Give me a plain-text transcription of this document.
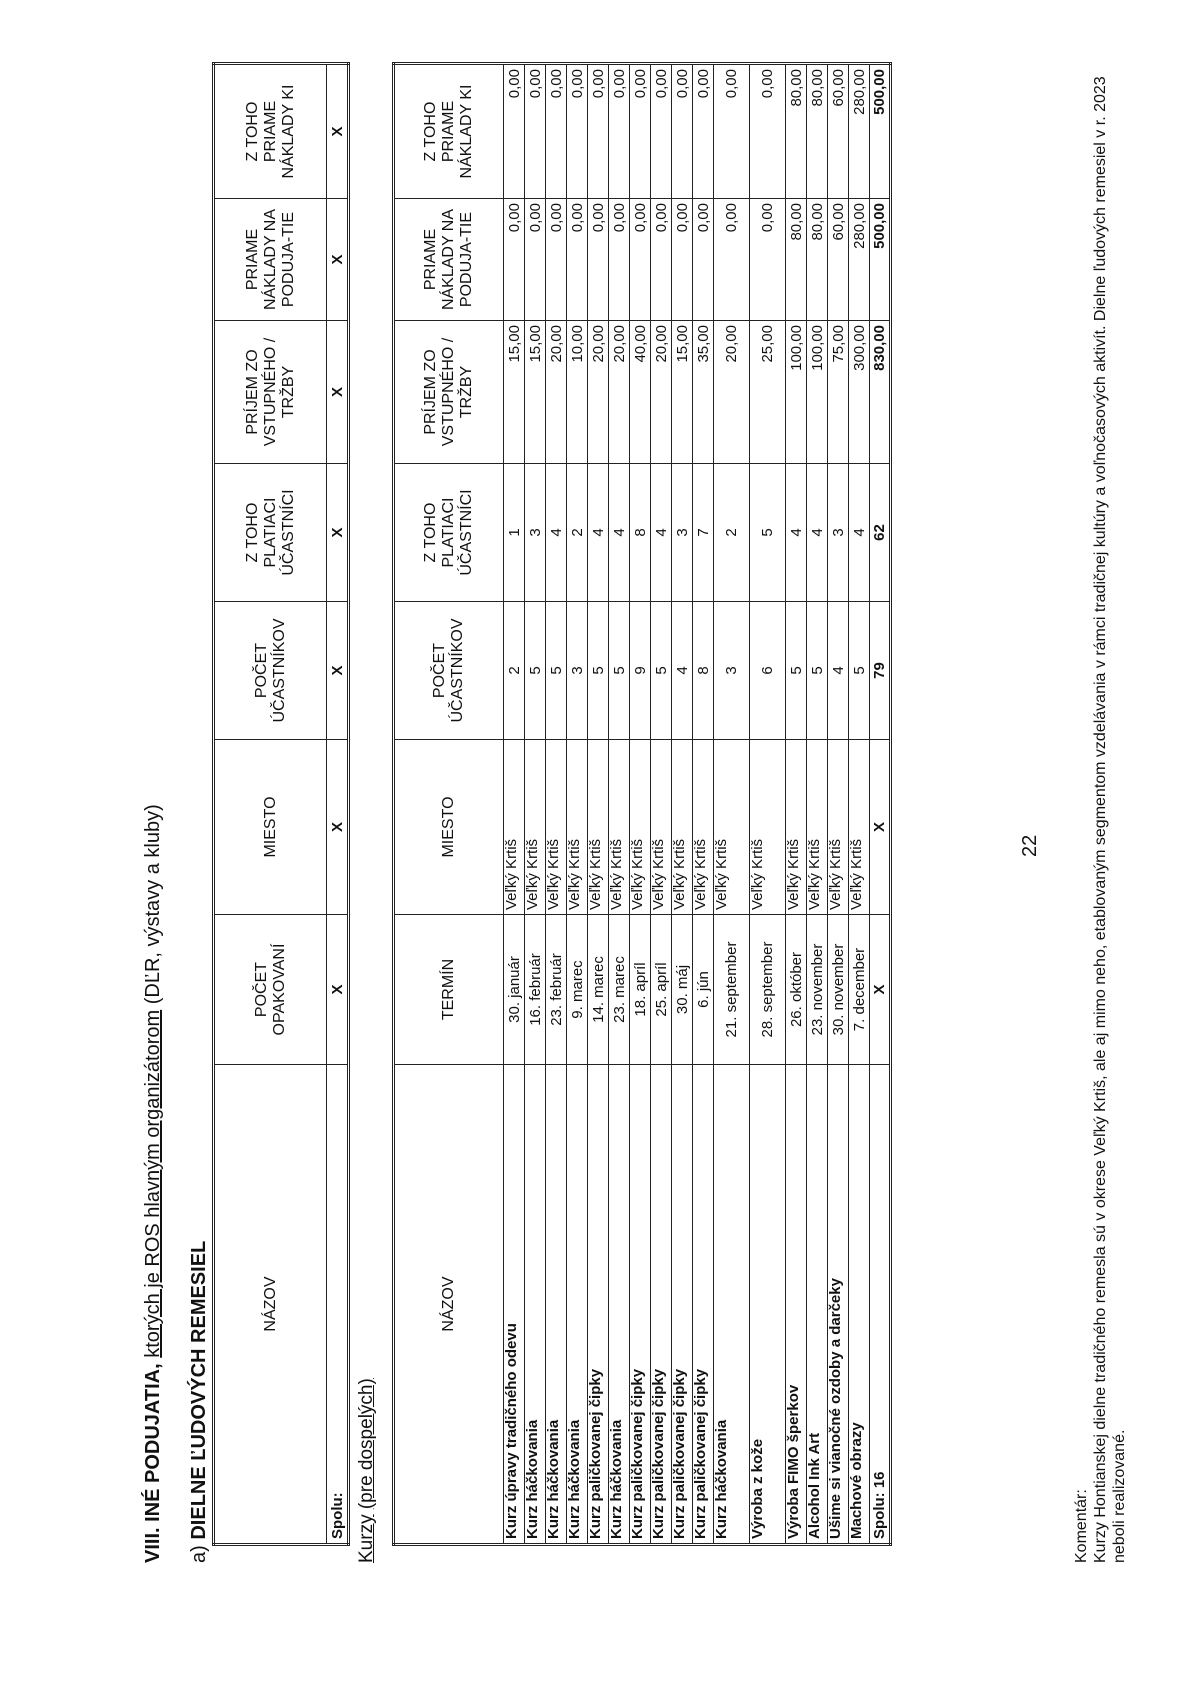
VIII. INÉ PODUJATIA, ktorých je ROS hlavným organizátorom (DĽR, výstavy a kluby)
a) DIELNE ĽUDOVÝCH REMESIEL	NÁZOV	POČET OPAKOVANÍ	MIESTO	POČET ÚČASTNÍKOV	Z TOHO PLATIACI ÚČASTNÍCI	PRÍJEM ZO VSTUPNÉHO / TRŽBY	PRIAME NÁKLADY NA PODUJA-TIE	Z TOHO PRIAME NÁKLADY KI
Spolu:	X	X	X	X	X	X	X
Kurzy (pre dospelých)
NÁZOV	TERMÍN	MIESTO	POČET ÚČASTNÍKOV	Z TOHO PLATIACI ÚČASTNÍCI	PRÍJEM ZO VSTUPNÉHO / TRŽBY	PRIAME NÁKLADY NA PODUJA-TIE	Z TOHO PRIAME NÁKLADY KI
Kurz úpravy tradičného odevu	30. január	Veľký Krtiš	2	1	15,00	0,00	0,00
Kurz háčkovania	16. február	Veľký Krtiš	5	3	15,00	0,00	0,00
Kurz háčkovania	23. február	Veľký Krtiš	5	4	20,00	0,00	0,00
Kurz háčkovania	9. marec	Veľký Krtiš	3	2	10,00	0,00	0,00
Kurz paličkovanej čipky	14. marec	Veľký Krtiš	5	4	20,00	0,00	0,00
Kurz háčkovania	23. marec	Veľký Krtiš	5	4	20,00	0,00	0,00
Kurz paličkovanej čipky	18. apríl	Veľký Krtiš	9	8	40,00	0,00	0,00
Kurz paličkovanej čipky	25. apríl	Veľký Krtiš	5	4	20,00	0,00	0,00
Kurz paličkovanej čipky	30. máj	Veľký Krtiš	4	3	15,00	0,00	0,00
Kurz paličkovanej čipky	6. jún	Veľký Krtiš	8	7	35,00	0,00	0,00
Kurz háčkovania	21. september	Veľký Krtiš	3	2	20,00	0,00	0,00
Výroba z kože	28. september	Veľký Krtiš	6	5	25,00	0,00	0,00
Výroba FIMO šperkov	26. október	Veľký Krtiš	5	4	100,00	80,00	80,00
Alcohol Ink Art	23. november	Veľký Krtiš	5	4	100,00	80,00	80,00
Ušime si vianočné ozdoby a darčeky	30. november	Veľký Krtiš	4	3	75,00	60,00	60,00
Machové obrazy	7. december	Veľký Krtiš	5	4	300,00	280,00	280,00
Spolu: 16	X	X	79	62	830,00	500,00	500,00
Komentár: Kurzy Hontianskej dielne tradičného remesla sú v okrese Veľký Krtiš, ale aj mimo neho, etablovaným segmentom vzdelávania v rámci tradičnej kultúry a voľnočasových aktivít. Dielne ľudových remesiel v r. 2023 neboli realizované.
22
